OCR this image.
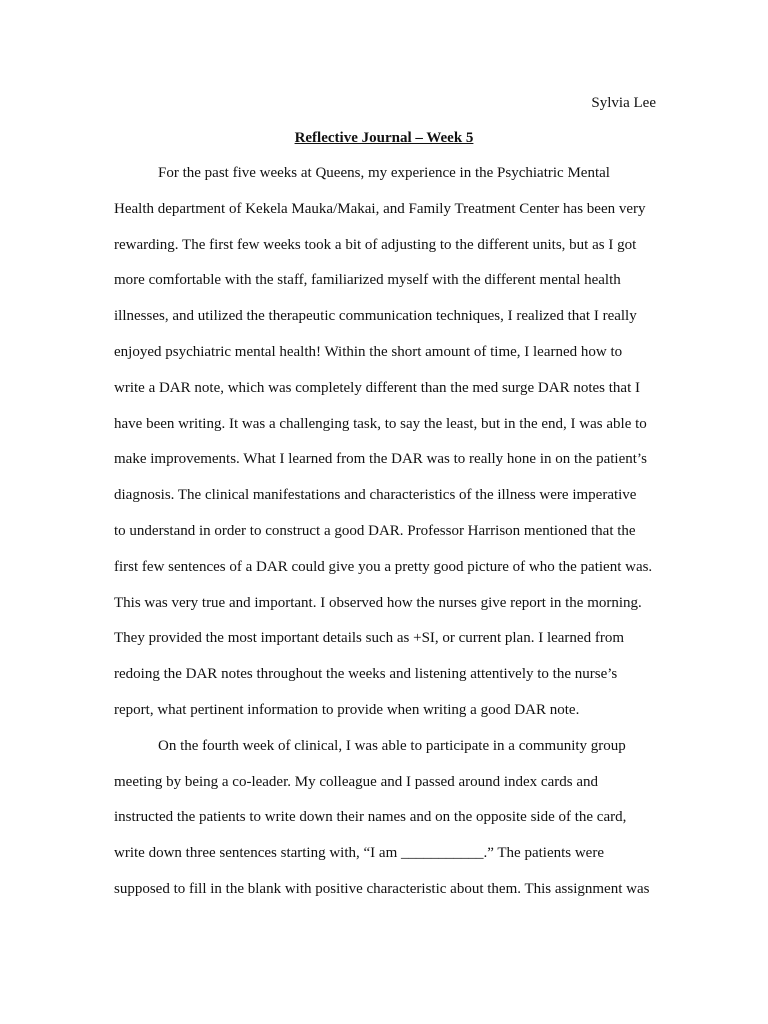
Sylvia Lee
Reflective Journal – Week 5
For the past five weeks at Queens, my experience in the Psychiatric Mental
Health department of Kekela Mauka/Makai, and Family Treatment Center has been very
rewarding. The first few weeks took a bit of adjusting to the different units, but as I got
more comfortable with the staff, familiarized myself with the different mental health
illnesses, and utilized the therapeutic communication techniques, I realized that I really
enjoyed psychiatric mental health! Within the short amount of time, I learned how to
write a DAR note, which was completely different than the med surge DAR notes that I
have been writing. It was a challenging task, to say the least, but in the end, I was able to
make improvements. What I learned from the DAR was to really hone in on the patient’s
diagnosis. The clinical manifestations and characteristics of the illness were imperative
to understand in order to construct a good DAR. Professor Harrison mentioned that the
first few sentences of a DAR could give you a pretty good picture of who the patient was.
This was very true and important. I observed how the nurses give report in the morning.
They provided the most important details such as +SI, or current plan. I learned from
redoing the DAR notes throughout the weeks and listening attentively to the nurse’s
report, what pertinent information to provide when writing a good DAR note.
On the fourth week of clinical, I was able to participate in a community group
meeting by being a co-leader. My colleague and I passed around index cards and
instructed the patients to write down their names and on the opposite side of the card,
write down three sentences starting with, “I am ___________.” The patients were
supposed to fill in the blank with positive characteristic about them. This assignment was
